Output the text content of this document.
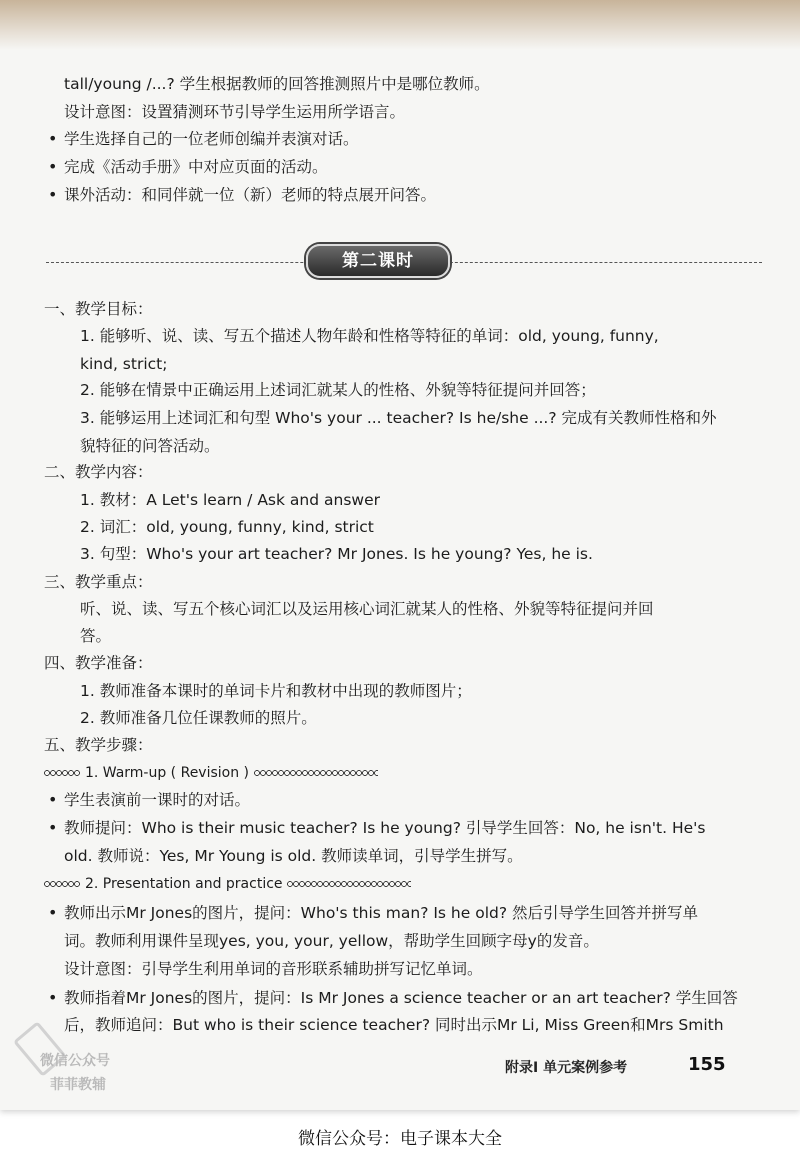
tall/young /...? 学生根据教师的回答推测照片中是哪位教师。
设计意图：设置猜测环节引导学生运用所学语言。
• 学生选择自己的一位老师创编并表演对话。
• 完成《活动手册》中对应页面的活动。
• 课外活动：和同伴就一位（新）老师的特点展开问答。
第二课时
一、教学目标：
1. 能够听、说、读、写五个描述人物年龄和性格等特征的单词：old, young, funny,
kind, strict;
2. 能够在情景中正确运用上述词汇就某人的性格、外貌等特征提问并回答；
3. 能够运用上述词汇和句型 Who's your ... teacher? Is he/she ...? 完成有关教师性格和外
貌特征的问答活动。
二、教学内容：
1. 教材：A Let's learn / Ask and answer
2. 词汇：old, young, funny, kind, strict
3. 句型：Who's your art teacher? Mr Jones. Is he young? Yes, he is.
三、教学重点：
听、说、读、写五个核心词汇以及运用核心词汇就某人的性格、外貌等特征提问并回
答。
四、教学准备：
1. 教师准备本课时的单词卡片和教材中出现的教师图片；
2. 教师准备几位任课教师的照片。
五、教学步骤：
1. Warm-up ( Revision )
• 学生表演前一课时的对话。
• 教师提问：Who is their music teacher? Is he young? 引导学生回答：No, he isn't. He's
old. 教师说：Yes, Mr Young is old. 教师读单词，引导学生拼写。
2. Presentation and practice
• 教师出示Mr Jones的图片，提问：Who's this man? Is he old? 然后引导学生回答并拼写单
词。教师利用课件呈现yes, you, your, yellow，帮助学生回顾字母y的发音。
设计意图：引导学生利用单词的音形联系辅助拼写记忆单词。
• 教师指着Mr Jones的图片，提问：Is Mr Jones a science teacher or an art teacher? 学生回答
后，教师追问：But who is their science teacher? 同时出示Mr Li, Miss Green和Mrs Smith
附录Ⅰ 单元案例参考	155
微信公众号
菲菲教辅
微信公众号：电子课本大全
